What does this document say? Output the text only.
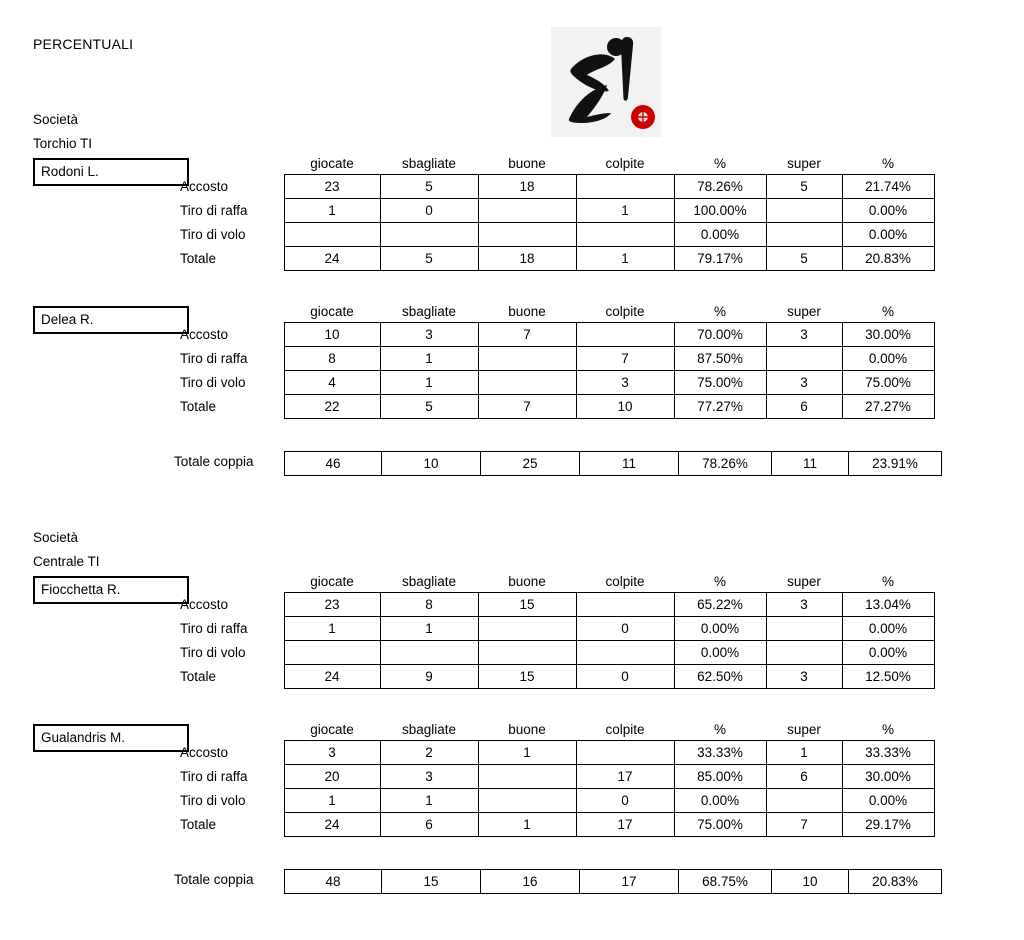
PERCENTUALI
Società
Torchio TI
Rodoni L.
	giocate	sbagliate	buone	colpite	%	super	%
Accosto	23	5	18		78.26%	5	21.74%
Tiro di raffa	1	0		1	100.00%		0.00%
Tiro di volo					0.00%		0.00%
Totale	24	5	18	1	79.17%	5	20.83%
Delea R.
	giocate	sbagliate	buone	colpite	%	super	%
Accosto	10	3	7		70.00%	3	30.00%
Tiro di raffa	8	1		7	87.50%		0.00%
Tiro di volo	4	1		3	75.00%	3	75.00%
Totale	22	5	7	10	77.27%	6	27.27%
Totale coppia	46	10	25	11	78.26%	11	23.91%
Società
Centrale TI
Fiocchetta R.
	giocate	sbagliate	buone	colpite	%	super	%
Accosto	23	8	15		65.22%	3	13.04%
Tiro di raffa	1	1		0	0.00%		0.00%
Tiro di volo					0.00%		0.00%
Totale	24	9	15	0	62.50%	3	12.50%
Gualandris M.
	giocate	sbagliate	buone	colpite	%	super	%
Accosto	3	2	1		33.33%	1	33.33%
Tiro di raffa	20	3		17	85.00%	6	30.00%
Tiro di volo	1	1		0	0.00%		0.00%
Totale	24	6	1	17	75.00%	7	29.17%
Totale coppia	48	15	16	17	68.75%	10	20.83%
